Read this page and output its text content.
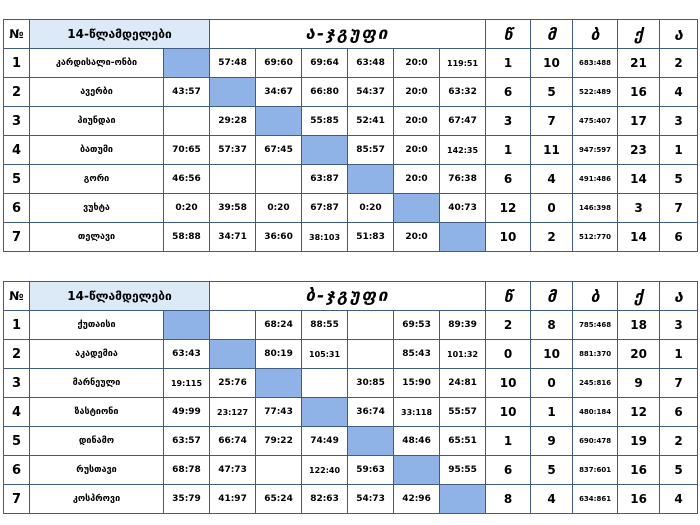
№	14-წლამდელები		ა-ჯგუფი						წ	მ	ბ	ქ	ა
1	კარდისალი-ონბი		57:48	69:60	69:64	63:48	20:0	119:51	1	10	683:488	21	2
2	ავერბი	43:57		34:67	66:80	54:37	20:0	63:32	6	5	522:489	16	4
3	პიუნდაი		29:28		55:85	52:41	20:0	67:47	3	7	475:407	17	3
4	ბათუმი	70:65	57:37	67:45		85:57	20:0	142:35	1	11	947:597	23	1
5	გორი	46:56			63:87		20:0	76:38	6	4	491:486	14	5
6	ვუხტა	0:20	39:58	0:20	67:87	0:20		40:73	12	0	146:398	3	7
7	თელავი	58:88	34:71	36:60	38:103	51:83	20:0		10	2	512:770	14	6
№	14-წლამდელები		ბ-ჯგუფი						წ	მ	ბ	ქ	ა
1	ქუთაისი			68:24	88:55		69:53	89:39	2	8	785:468	18	3
2	აკადემია	63:43		80:19	105:31		85:43	101:32	0	10	881:370	20	1
3	მარნეული	19:115	25:76			30:85	15:90	24:81	10	0	245:816	9	7
4	ზასტიონი	49:99	23:127	77:43		36:74	33:118	55:57	10	1	480:184	12	6
5	დინამო	63:57	66:74	79:22	74:49		48:46	65:51	1	9	690:478	19	2
6	რუსთავი	68:78	47:73		122:40	59:63		95:55	6	5	837:601	16	5
7	კოსპროვი	35:79	41:97	65:24	82:63	54:73	42:96		8	4	634:861	16	4
